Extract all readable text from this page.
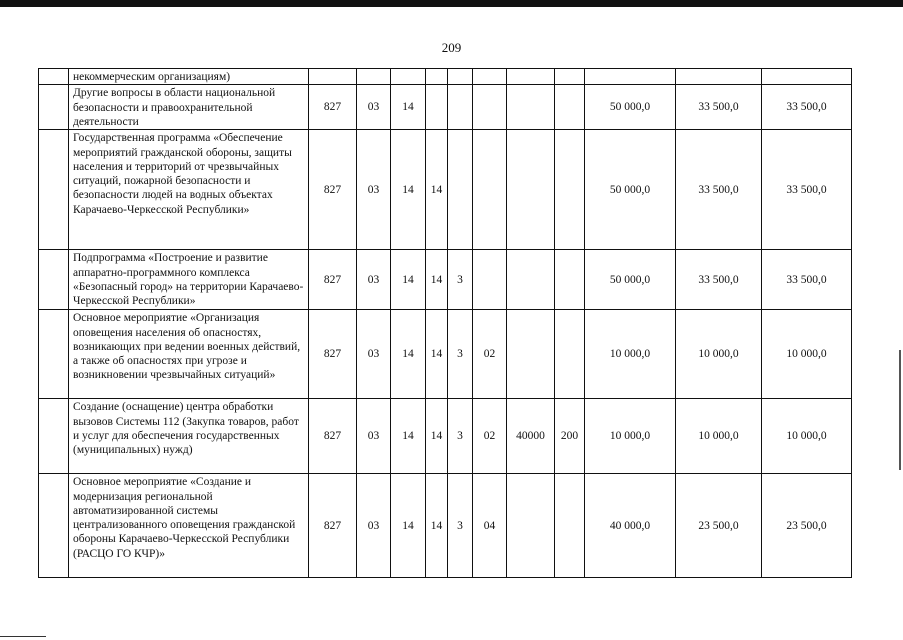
209
	некоммерческим организациям)											
	Другие вопросы в области национальной безопасности и правоохранительной деятельности	827	03	14						50 000,0	33 500,0	33 500,0
	Государственная программа «Обеспечение мероприятий гражданской обороны, защиты населения и территорий от чрезвычайных ситуаций, пожарной безопасности и безопасности людей на водных объектах Карачаево-Черкесской Республики»	827	03	14	14					50 000,0	33 500,0	33 500,0
	Подпрограмма «Построение и развитие аппаратно-программного комплекса «Безопасный город» на территории Карачаево-Черкесской Республики»	827	03	14	14	3				50 000,0	33 500,0	33 500,0
	Основное мероприятие «Организация оповещения населения об опасностях, возникающих при ведении военных действий, а также об опасностях при угрозе и возникновении чрезвычайных ситуаций»	827	03	14	14	3	02			10 000,0	10 000,0	10 000,0
	Создание (оснащение) центра обработки вызовов Системы 112 (Закупка товаров, работ и услуг для обеспечения государственных (муниципальных) нужд)	827	03	14	14	3	02	40000	200	10 000,0	10 000,0	10 000,0
	Основное мероприятие «Создание и модернизация региональной автоматизированной системы централизованного оповещения гражданской обороны Карачаево-Черкесской Республики (РАСЦО ГО КЧР)»	827	03	14	14	3	04			40 000,0	23 500,0	23 500,0
